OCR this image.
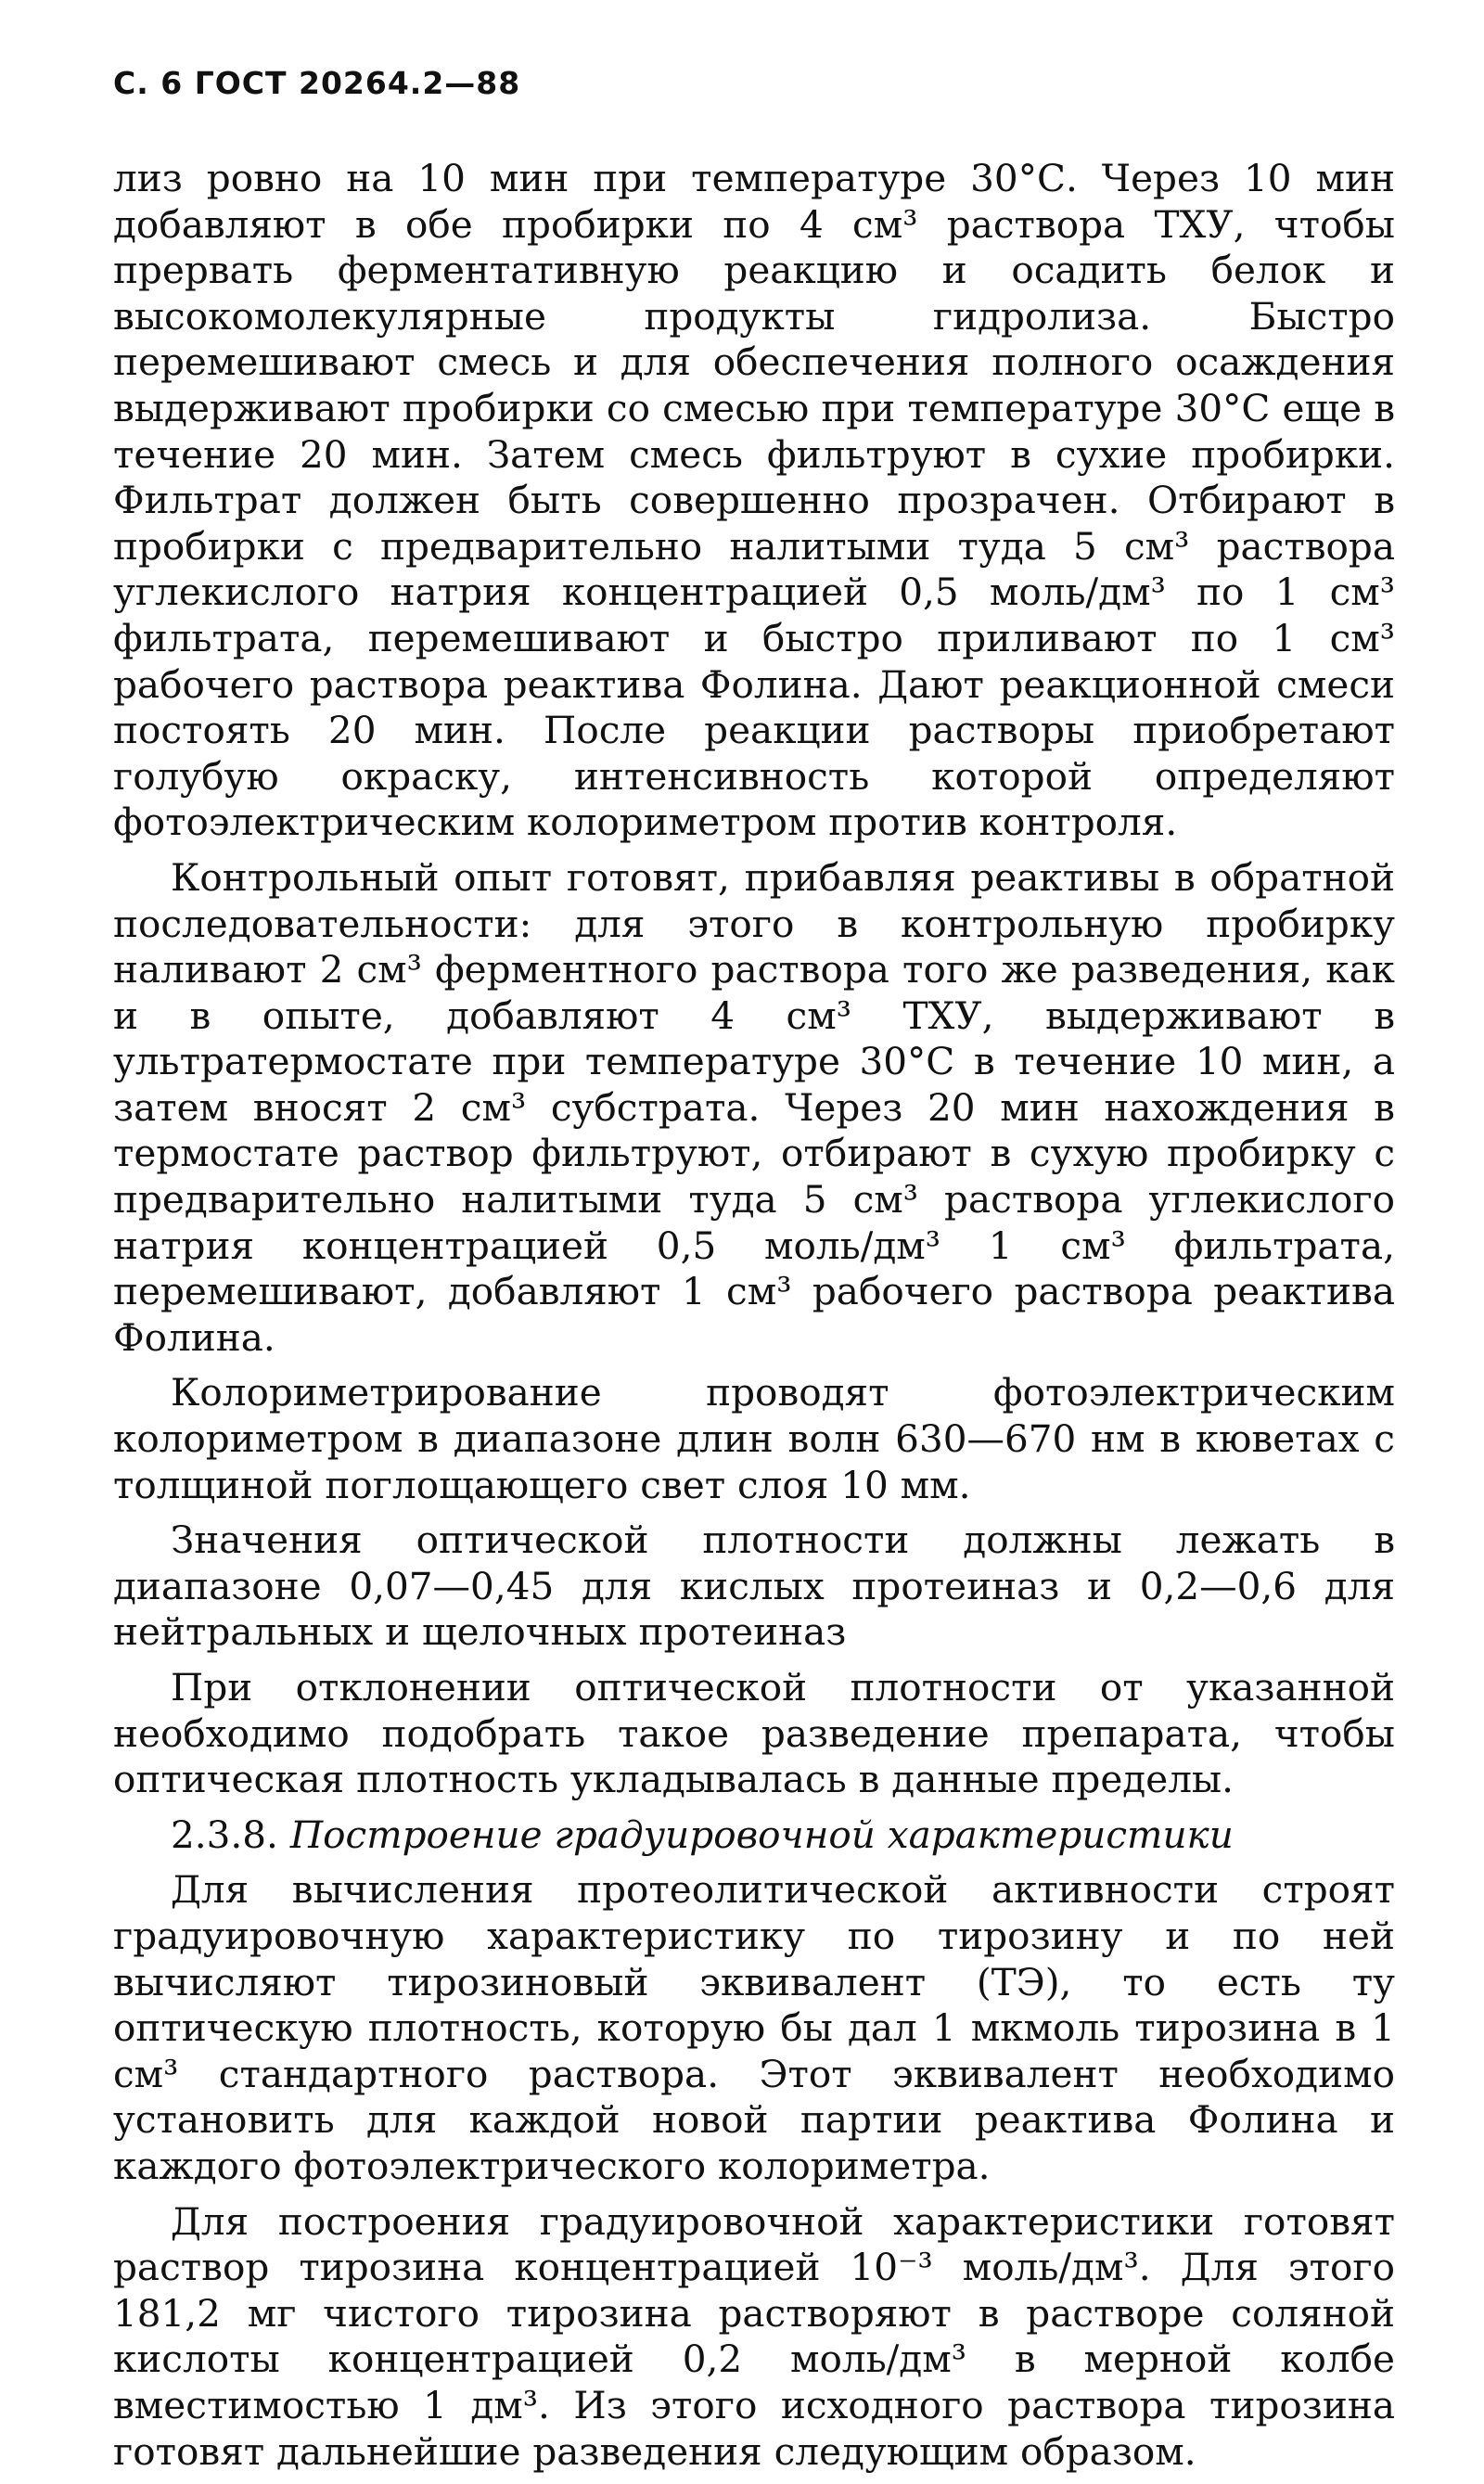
С. 6 ГОСТ 20264.2—88

лиз ровно на 10 мин при температуре 30°С. Через 10 мин добавляют в обе пробирки по 4 см³ раствора ТХУ, чтобы прервать ферментативную реакцию и осадить белок и высокомолекулярные продукты гидролиза. Быстро перемешивают смесь и для обеспечения полного осаждения выдерживают пробирки со смесью при температуре 30°С еще в течение 20 мин. Затем смесь фильтруют в сухие пробирки. Фильтрат должен быть совершенно прозрачен. Отбирают в пробирки с предварительно налитыми туда 5 см³ раствора углекислого натрия концентрацией 0,5 моль/дм³ по 1 см³ фильтрата, перемешивают и быстро приливают по 1 см³ рабочего раствора реактива Фолина. Дают реакционной смеси постоять 20 мин. После реакции растворы приобретают голубую окраску, интенсивность которой определяют фотоэлектрическим колориметром против контроля.

Контрольный опыт готовят, прибавляя реактивы в обратной последовательности: для этого в контрольную пробирку наливают 2 см³ ферментного раствора того же разведения, как и в опыте, добавляют 4 см³ ТХУ, выдерживают в ультратермостате при температуре 30°С в течение 10 мин, а затем вносят 2 см³ субстрата. Через 20 мин нахождения в термостате раствор фильтруют, отбирают в сухую пробирку с предварительно налитыми туда 5 см³ раствора углекислого натрия концентрацией 0,5 моль/дм³ 1 см³ фильтрата, перемешивают, добавляют 1 см³ рабочего раствора реактива Фолина.

Колориметрирование проводят фотоэлектрическим колориметром в диапазоне длин волн 630—670 нм в кюветах с толщиной поглощающего свет слоя 10 мм.

Значения оптической плотности должны лежать в диапазоне 0,07—0,45 для кислых протеиназ и 0,2—0,6 для нейтральных и щелочных протеиназ

При отклонении оптической плотности от указанной необходимо подобрать такое разведение препарата, чтобы оптическая плотность укладывалась в данные пределы.

2.3.8. Построение градуировочной характеристики

Для вычисления протеолитической активности строят градуировочную характеристику по тирозину и по ней вычисляют тирозиновый эквивалент (ТЭ), то есть ту оптическую плотность, которую бы дал 1 мкмоль тирозина в 1 см³ стандартного раствора. Этот эквивалент необходимо установить для каждой новой партии реактива Фолина и каждого фотоэлектрического колориметра.

Для построения градуировочной характеристики готовят раствор тирозина концентрацией 10⁻³ моль/дм³. Для этого 181,2 мг чистого тирозина растворяют в растворе соляной кислоты концентрацией 0,2 моль/дм³ в мерной колбе вместимостью 1 дм³. Из этого исходного раствора тирозина готовят дальнейшие разведения следующим образом.
